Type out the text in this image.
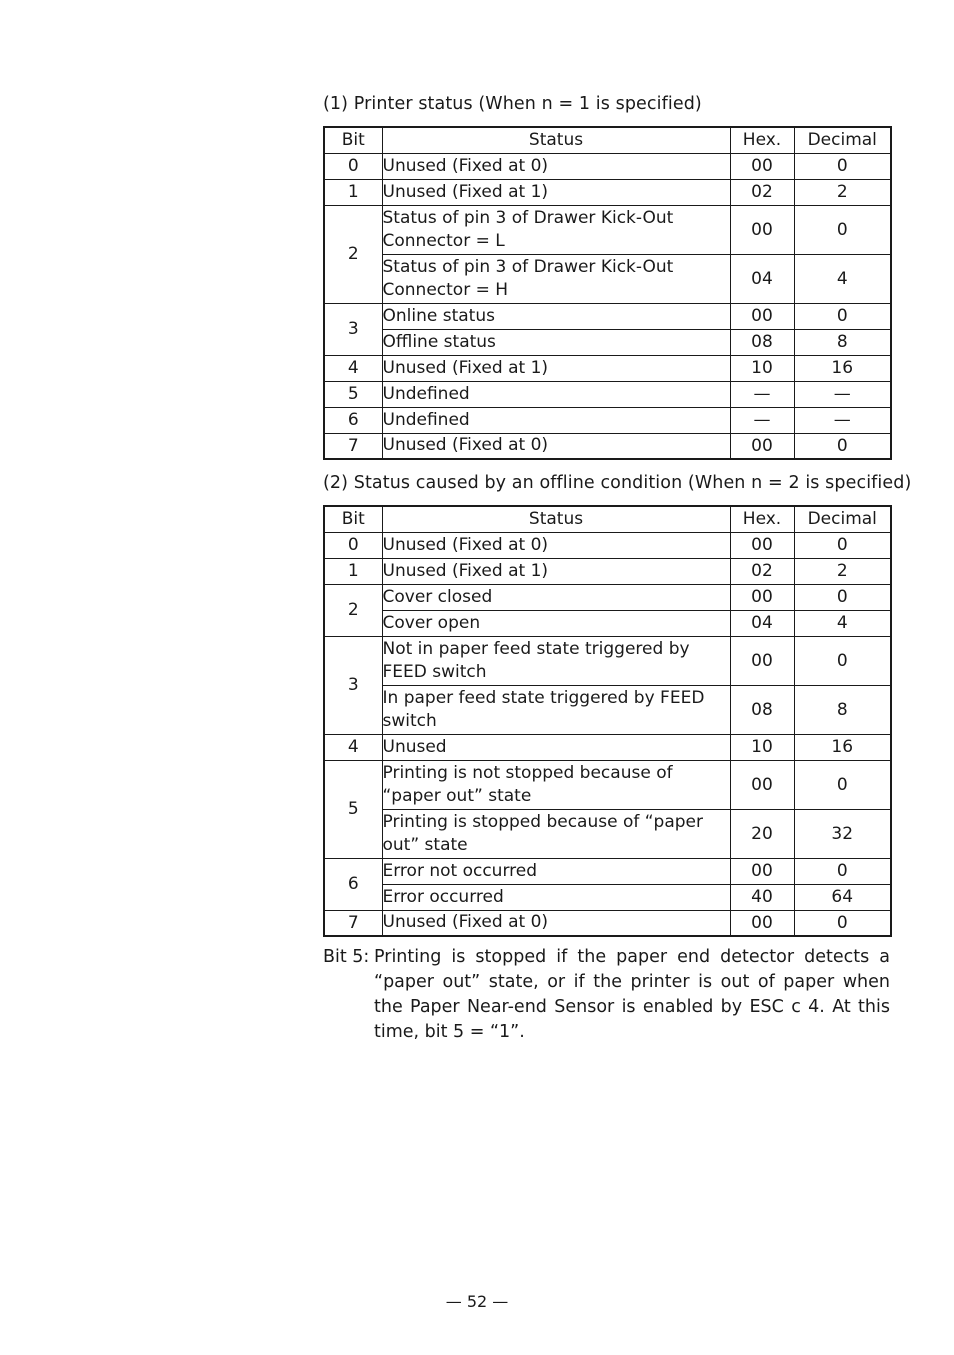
(1) Printer status (When n = 1 is specified)
Bit	Status	Hex.	Decimal
0	Unused (Fixed at 0)	00	0
1	Unused (Fixed at 1)	02	2
2	Status of pin 3 of Drawer Kick-Out Connector = L	00	0
	Status of pin 3 of Drawer Kick-Out Connector = H	04	4
3	Online status	00	0
	Offline status	08	8
4	Unused (Fixed at 1)	10	16
5	Undefined	—	—
6	Undefined	—	—
7	Unused (Fixed at 0)	00	0
(2) Status caused by an offline condition (When n = 2 is specified)
Bit	Status	Hex.	Decimal
0	Unused (Fixed at 0)	00	0
1	Unused (Fixed at 1)	02	2
2	Cover closed	00	0
	Cover open	04	4
3	Not in paper feed state triggered by FEED switch	00	0
	In paper feed state triggered by FEED switch	08	8
4	Unused	10	16
5	Printing is not stopped because of “paper out” state	00	0
	Printing is stopped because of “paper out” state	20	32
6	Error not occurred	00	0
	Error occurred	40	64
7	Unused (Fixed at 0)	00	0
Bit 5: Printing is stopped if the paper end detector detects a “paper out” state, or if the printer is out of paper when the Paper Near-end Sensor is enabled by ESC c 4. At this time, bit 5 = “1”.
— 52 —
